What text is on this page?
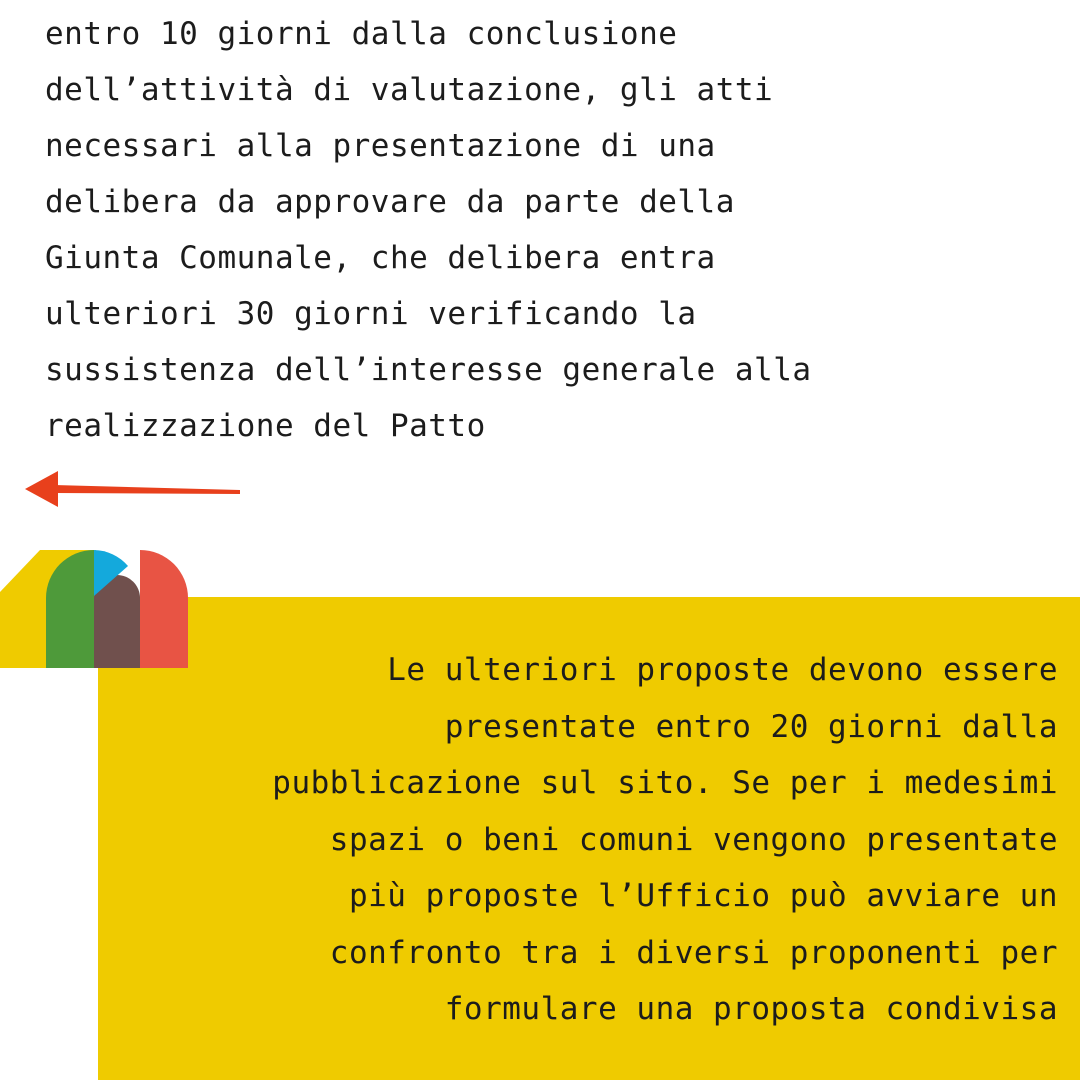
entro 10 giorni dalla conclusione
dell’attività di valutazione, gli atti
necessari alla presentazione di una
delibera da approvare da parte della
Giunta Comunale, che delibera entra
ulteriori 30 giorni verificando la
sussistenza dell’interesse generale alla
realizzazione del Patto
Le ulteriori proposte devono essere
presentate entro 20 giorni dalla
pubblicazione sul sito. Se per i medesimi
spazi o beni comuni vengono presentate
più proposte l’Ufficio può avviare un
confronto tra i diversi proponenti per
formulare una proposta condivisa
